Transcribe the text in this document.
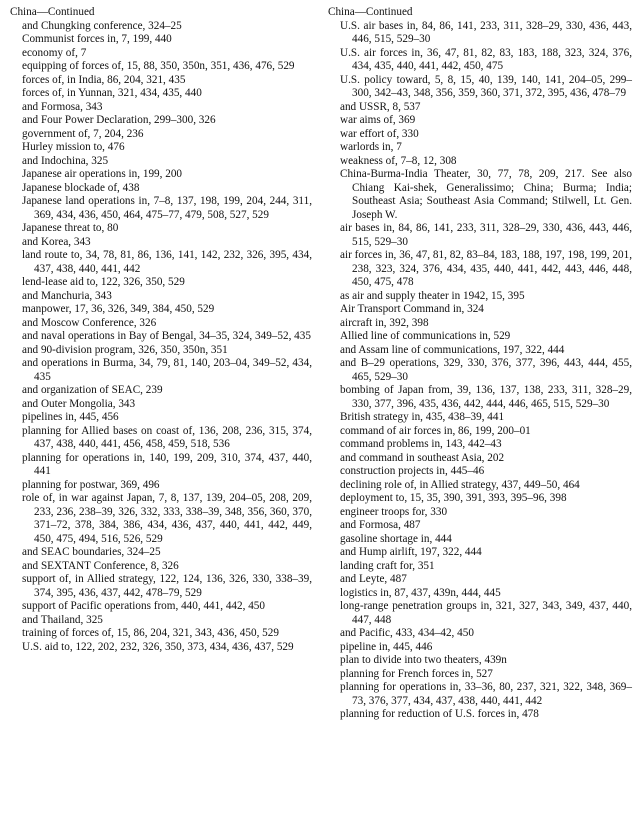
China—Continued
and Chungking conference, 324–25
Communist forces in, 7, 199, 440
economy of, 7
equipping of forces of, 15, 88, 350, 350n, 351, 436, 476, 529
forces of, in India, 86, 204, 321, 435
forces of, in Yunnan, 321, 434, 435, 440
and Formosa, 343
and Four Power Declaration, 299–300, 326
government of, 7, 204, 236
Hurley mission to, 476
and Indochina, 325
Japanese air operations in, 199, 200
Japanese blockade of, 438
Japanese land operations in, 7–8, 137, 198, 199, 204, 244, 311, 369, 434, 436, 450, 464, 475–77, 479, 508, 527, 529
Japanese threat to, 80
and Korea, 343
land route to, 34, 78, 81, 86, 136, 141, 142, 232, 326, 395, 434, 437, 438, 440, 441, 442
lend-lease aid to, 122, 326, 350, 529
and Manchuria, 343
manpower, 17, 36, 326, 349, 384, 450, 529
and Moscow Conference, 326
and naval operations in Bay of Bengal, 34–35, 324, 349–52, 435
and 90-division program, 326, 350, 350n, 351
and operations in Burma, 34, 79, 81, 140, 203–04, 349–52, 434, 435
and organization of SEAC, 239
and Outer Mongolia, 343
pipelines in, 445, 456
planning for Allied bases on coast of, 136, 208, 236, 315, 374, 437, 438, 440, 441, 456, 458, 459, 518, 536
planning for operations in, 140, 199, 209, 310, 374, 437, 440, 441
planning for postwar, 369, 496
role of, in war against Japan, 7, 8, 137, 139, 204–05, 208, 209, 233, 236, 238–39, 326, 332, 333, 338–39, 348, 356, 360, 370, 371–72, 378, 384, 386, 434, 436, 437, 440, 441, 442, 449, 450, 475, 494, 516, 526, 529
and SEAC boundaries, 324–25
and SEXTANT Conference, 8, 326
support of, in Allied strategy, 122, 124, 136, 326, 330, 338–39, 374, 395, 436, 437, 442, 478–79, 529
support of Pacific operations from, 440, 441, 442, 450
and Thailand, 325
training of forces of, 15, 86, 204, 321, 343, 436, 450, 529
U.S. aid to, 122, 202, 232, 326, 350, 373, 434, 436, 437, 529
China—Continued
U.S. air bases in, 84, 86, 141, 233, 311, 328–29, 330, 436, 443, 446, 515, 529–30
U.S. air forces in, 36, 47, 81, 82, 83, 183, 188, 323, 324, 376, 434, 435, 440, 441, 442, 450, 475
U.S. policy toward, 5, 8, 15, 40, 139, 140, 141, 204–05, 299–300, 342–43, 348, 356, 359, 360, 371, 372, 395, 436, 478–79
and USSR, 8, 537
war aims of, 369
war effort of, 330
warlords in, 7
weakness of, 7–8, 12, 308
China-Burma-India Theater, 30, 77, 78, 209, 217. See also Chiang Kai-shek, Generalissimo; China; Burma; India; Southeast Asia; Southeast Asia Command; Stilwell, Lt. Gen. Joseph W.
air bases in, 84, 86, 141, 233, 311, 328–29, 330, 436, 443, 446, 515, 529–30
air forces in, 36, 47, 81, 82, 83–84, 183, 188, 197, 198, 199, 201, 238, 323, 324, 376, 434, 435, 440, 441, 442, 443, 446, 448, 450, 475, 478
as air and supply theater in 1942, 15, 395
Air Transport Command in, 324
aircraft in, 392, 398
Allied line of communications in, 529
and Assam line of communications, 197, 322, 444
and B–29 operations, 329, 330, 376, 377, 396, 443, 444, 455, 465, 529–30
bombing of Japan from, 39, 136, 137, 138, 233, 311, 328–29, 330, 377, 396, 435, 436, 442, 444, 446, 465, 515, 529–30
British strategy in, 435, 438–39, 441
command of air forces in, 86, 199, 200–01
command problems in, 143, 442–43
and command in southeast Asia, 202
construction projects in, 445–46
declining role of, in Allied strategy, 437, 449–50, 464
deployment to, 15, 35, 390, 391, 393, 395–96, 398
engineer troops for, 330
and Formosa, 487
gasoline shortage in, 444
and Hump airlift, 197, 322, 444
landing craft for, 351
and Leyte, 487
logistics in, 87, 437, 439n, 444, 445
long-range penetration groups in, 321, 327, 343, 349, 437, 440, 447, 448
and Pacific, 433, 434–42, 450
pipeline in, 445, 446
plan to divide into two theaters, 439n
planning for French forces in, 527
planning for operations in, 33–36, 80, 237, 321, 322, 348, 369–73, 376, 377, 434, 437, 438, 440, 441, 442
planning for reduction of U.S. forces in, 478
